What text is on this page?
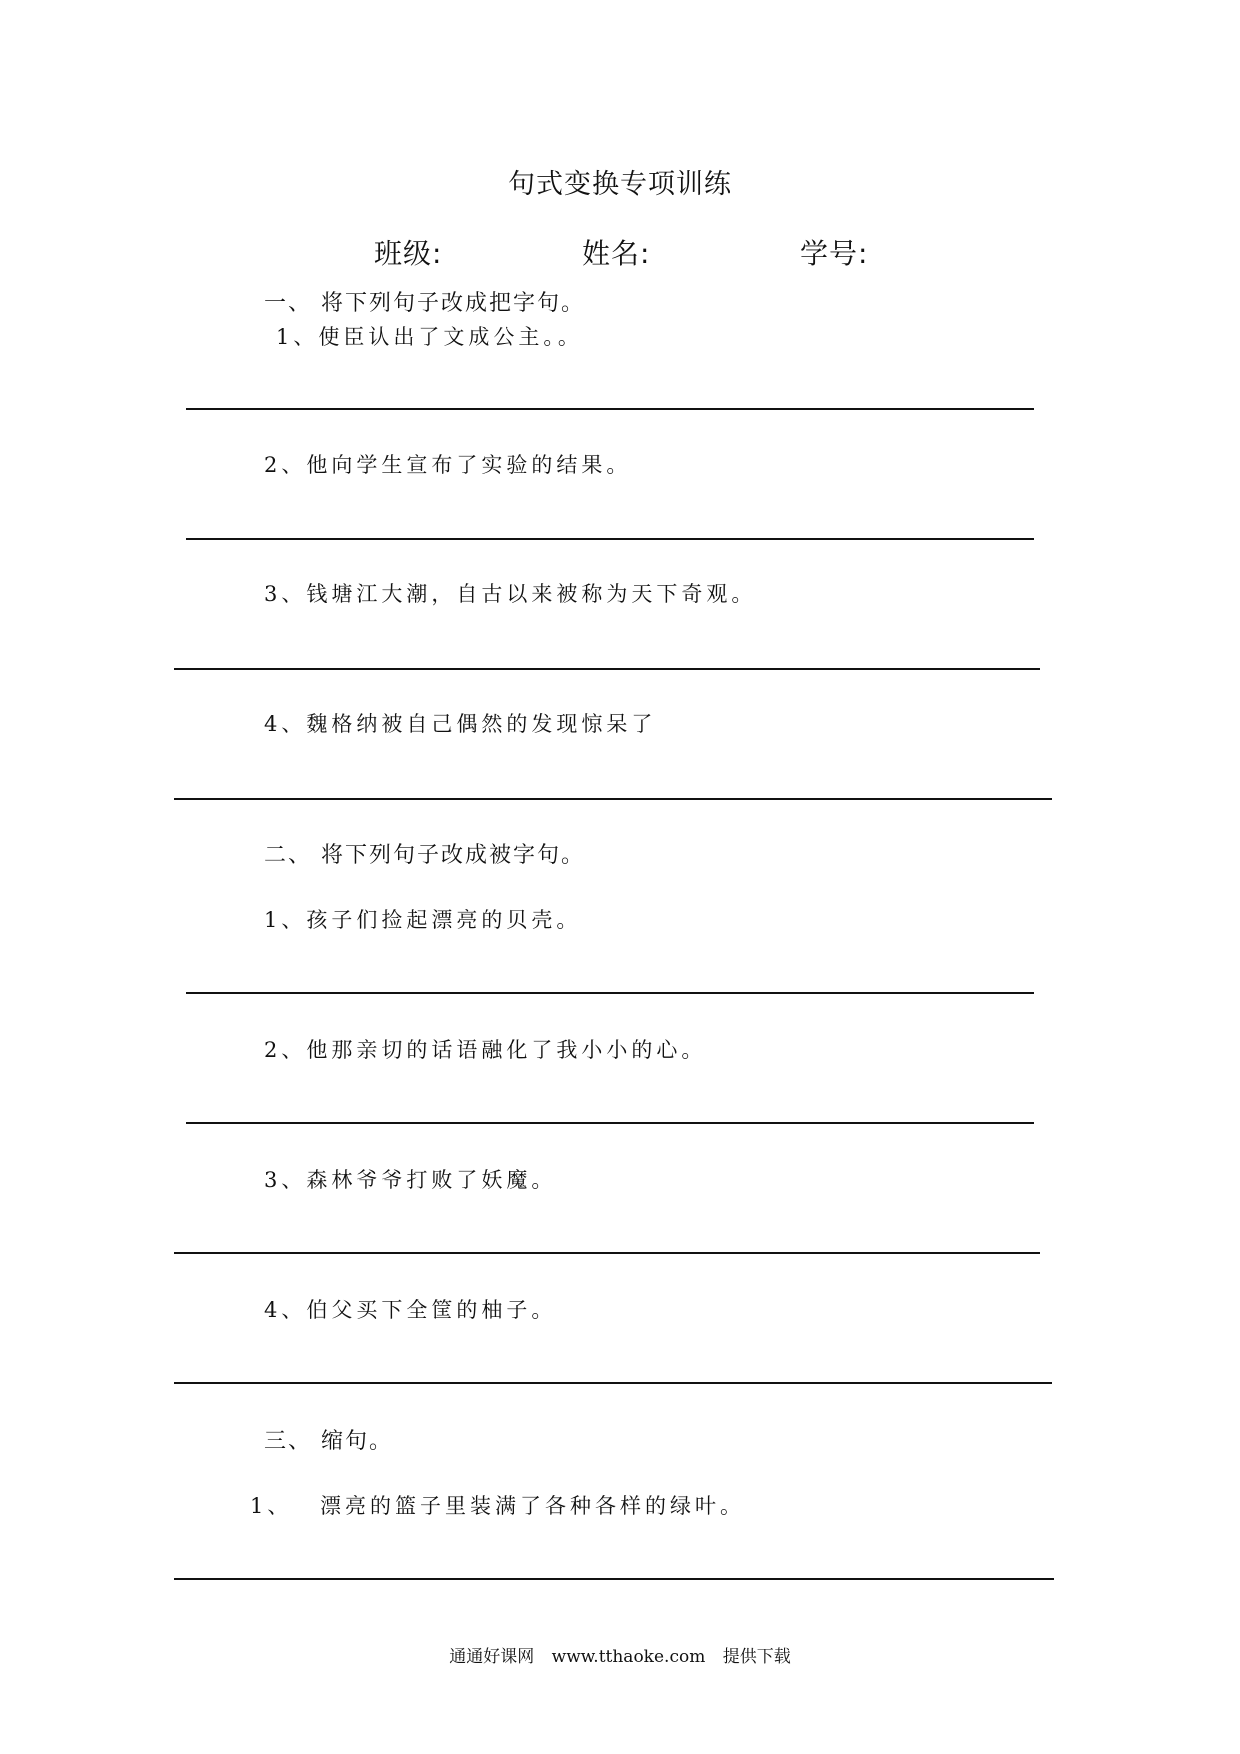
句式变换专项训练
班级:	姓名:	学号:
一、 将下列句子改成把字句。
1、使臣认出了文成公主。。
2、他向学生宣布了实验的结果。
3、钱塘江大潮，自古以来被称为天下奇观。
4、魏格纳被自己偶然的发现惊呆了
二、 将下列句子改成被字句。
1、孩子们捡起漂亮的贝壳。
2、他那亲切的话语融化了我小小的心。
3、森林爷爷打败了妖魔。
4、伯父买下全筐的柚子。
三、 缩句。
1、 漂亮的篮子里装满了各种各样的绿叶。
通通好课网 www.tthaoke.com 提供下载
